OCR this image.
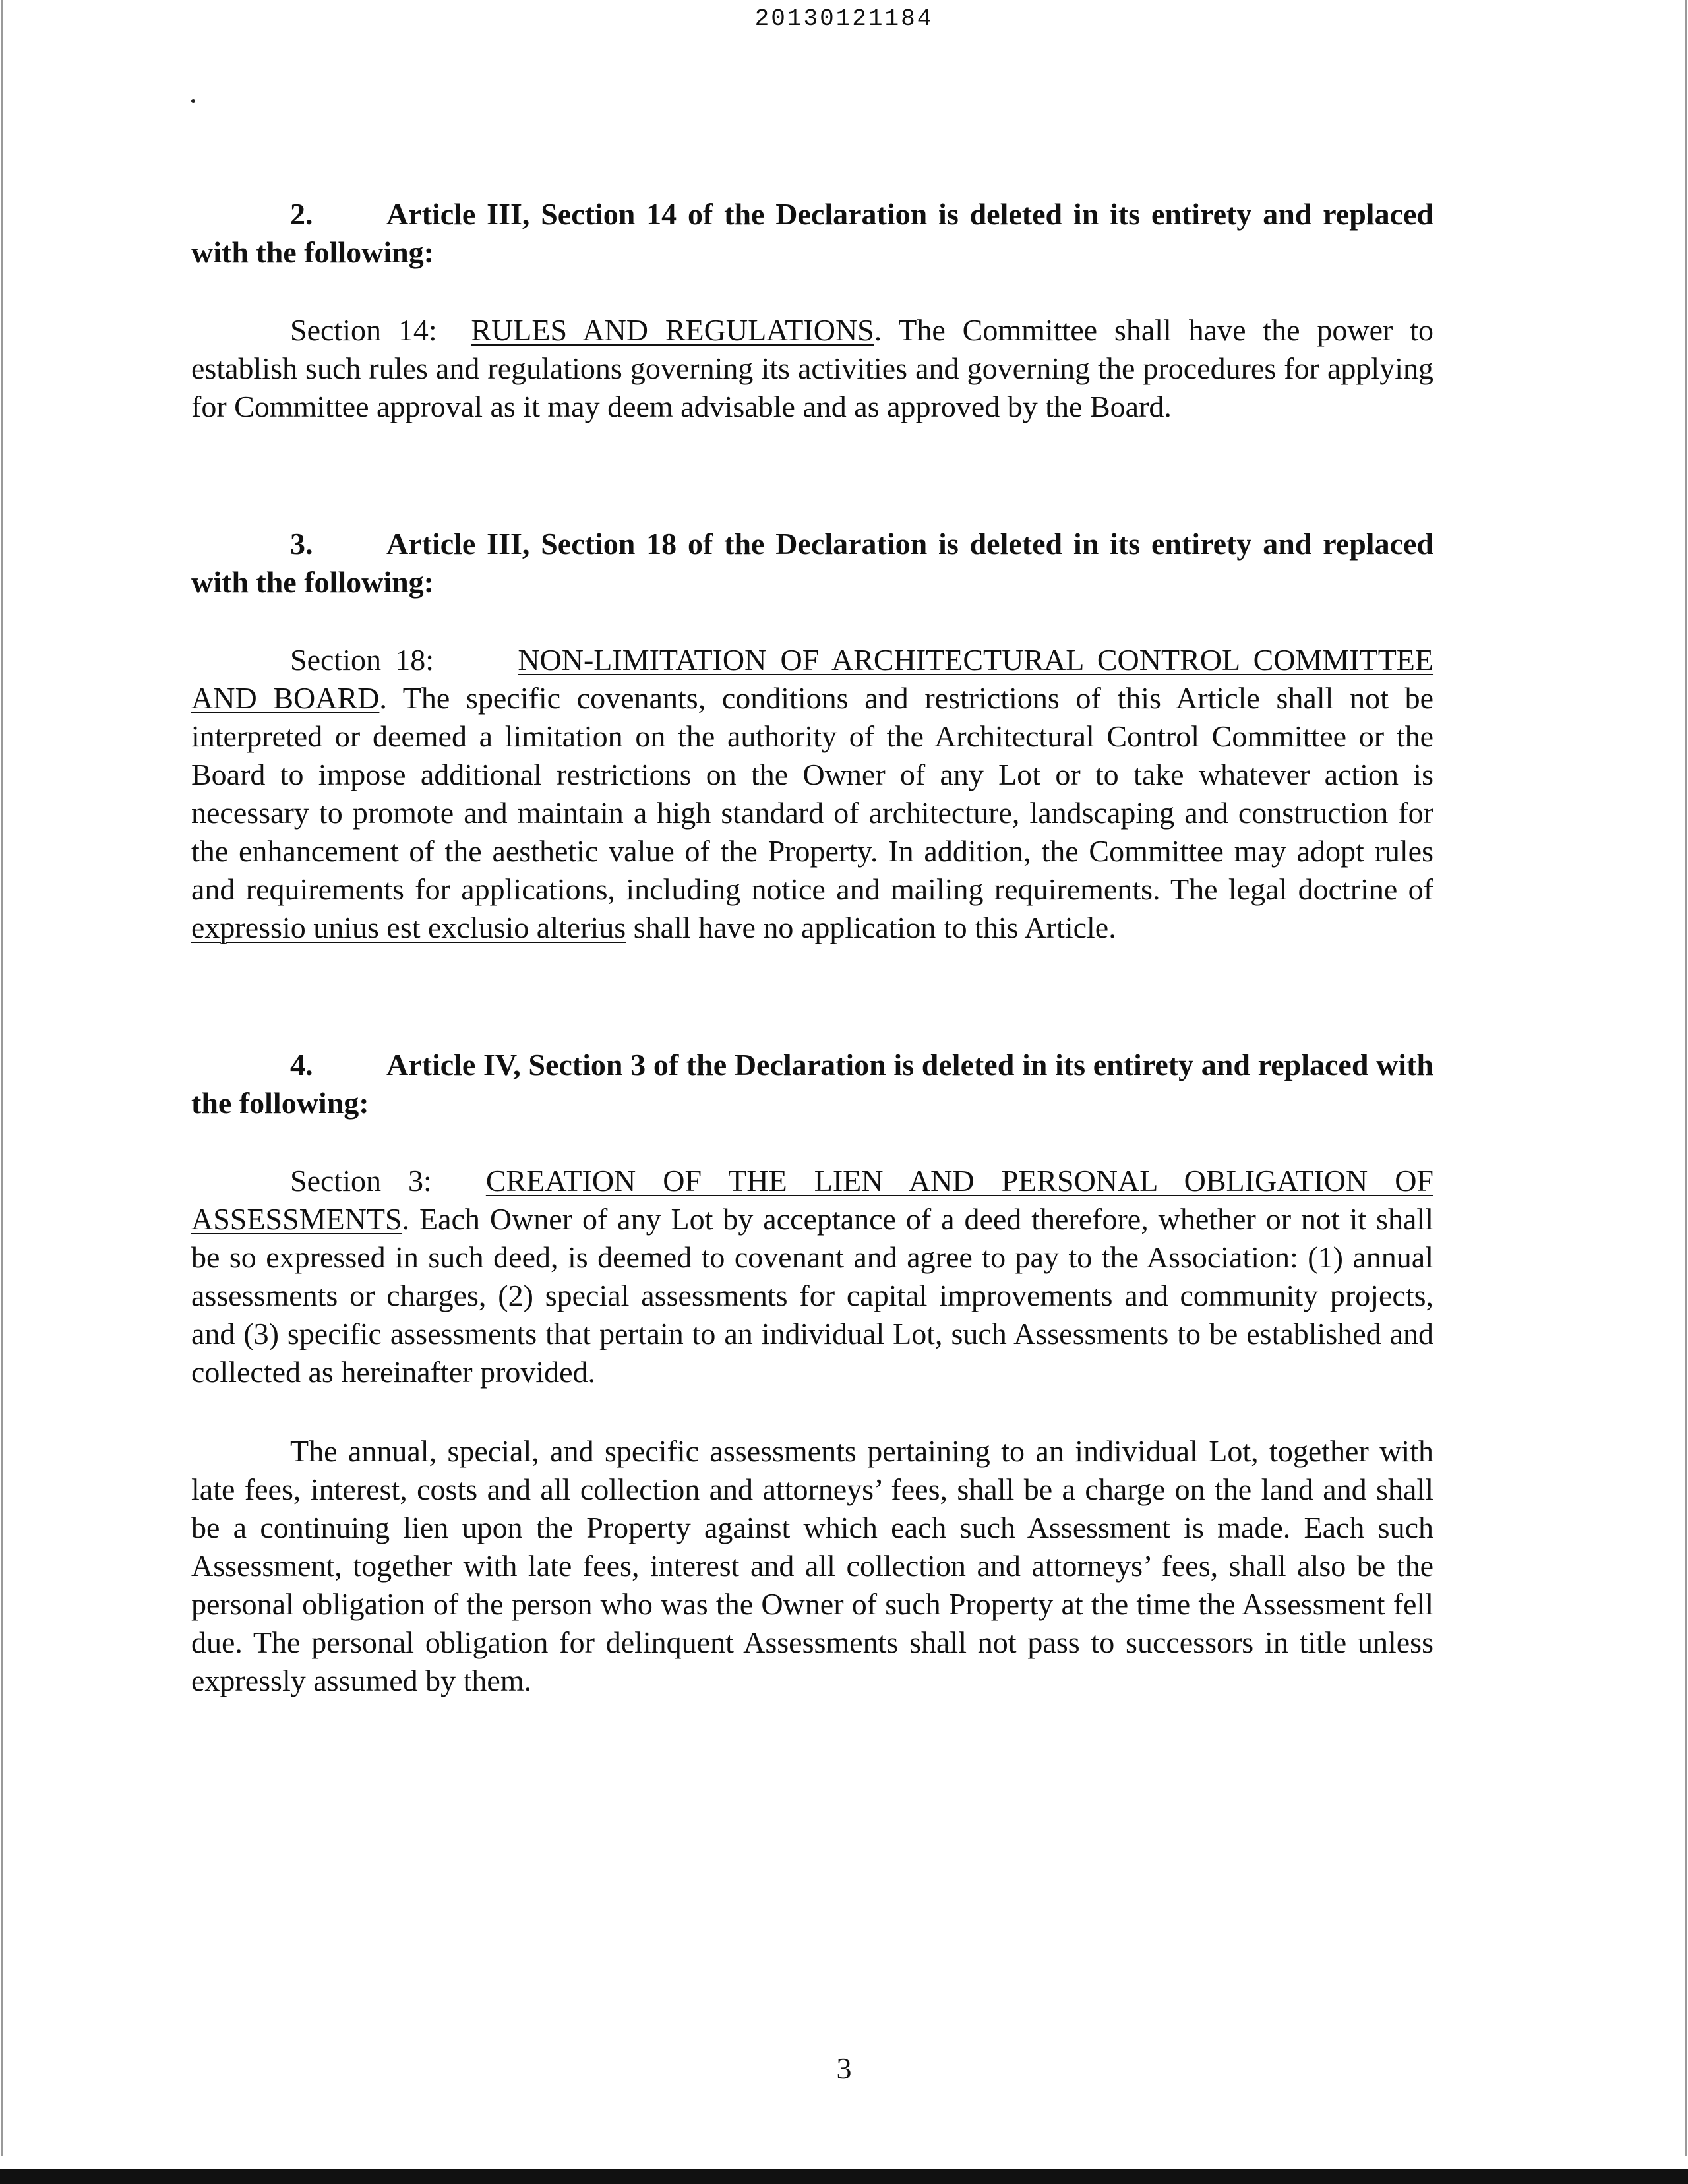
20130121184

2. Article III, Section 14 of the Declaration is deleted in its entirety and replaced with the following:

Section 14: RULES AND REGULATIONS. The Committee shall have the power to establish such rules and regulations governing its activities and governing the procedures for applying for Committee approval as it may deem advisable and as approved by the Board.

3. Article III, Section 18 of the Declaration is deleted in its entirety and replaced with the following:

Section 18:	NON-LIMITATION OF ARCHITECTURAL CONTROL COMMITTEE AND BOARD. The specific covenants, conditions and restrictions of this Article shall not be interpreted or deemed a limitation on the authority of the Architectural Control Committee or the Board to impose additional restrictions on the Owner of any Lot or to take whatever action is necessary to promote and maintain a high standard of architecture, landscaping and construction for the enhancement of the aesthetic value of the Property. In addition, the Committee may adopt rules and requirements for applications, including notice and mailing requirements. The legal doctrine of expressio unius est exclusio alterius shall have no application to this Article.

4. Article IV, Section 3 of the Declaration is deleted in its entirety and replaced with the following:

Section 3: CREATION OF THE LIEN AND PERSONAL OBLIGATION OF ASSESSMENTS. Each Owner of any Lot by acceptance of a deed therefore, whether or not it shall be so expressed in such deed, is deemed to covenant and agree to pay to the Association: (1) annual assessments or charges, (2) special assessments for capital improvements and community projects, and (3) specific assessments that pertain to an individual Lot, such Assessments to be established and collected as hereinafter provided.

The annual, special, and specific assessments pertaining to an individual Lot, together with late fees, interest, costs and all collection and attorneys’ fees, shall be a charge on the land and shall be a continuing lien upon the Property against which each such Assessment is made. Each such Assessment, together with late fees, interest and all collection and attorneys’ fees, shall also be the personal obligation of the person who was the Owner of such Property at the time the Assessment fell due. The personal obligation for delinquent Assessments shall not pass to successors in title unless expressly assumed by them.

3
